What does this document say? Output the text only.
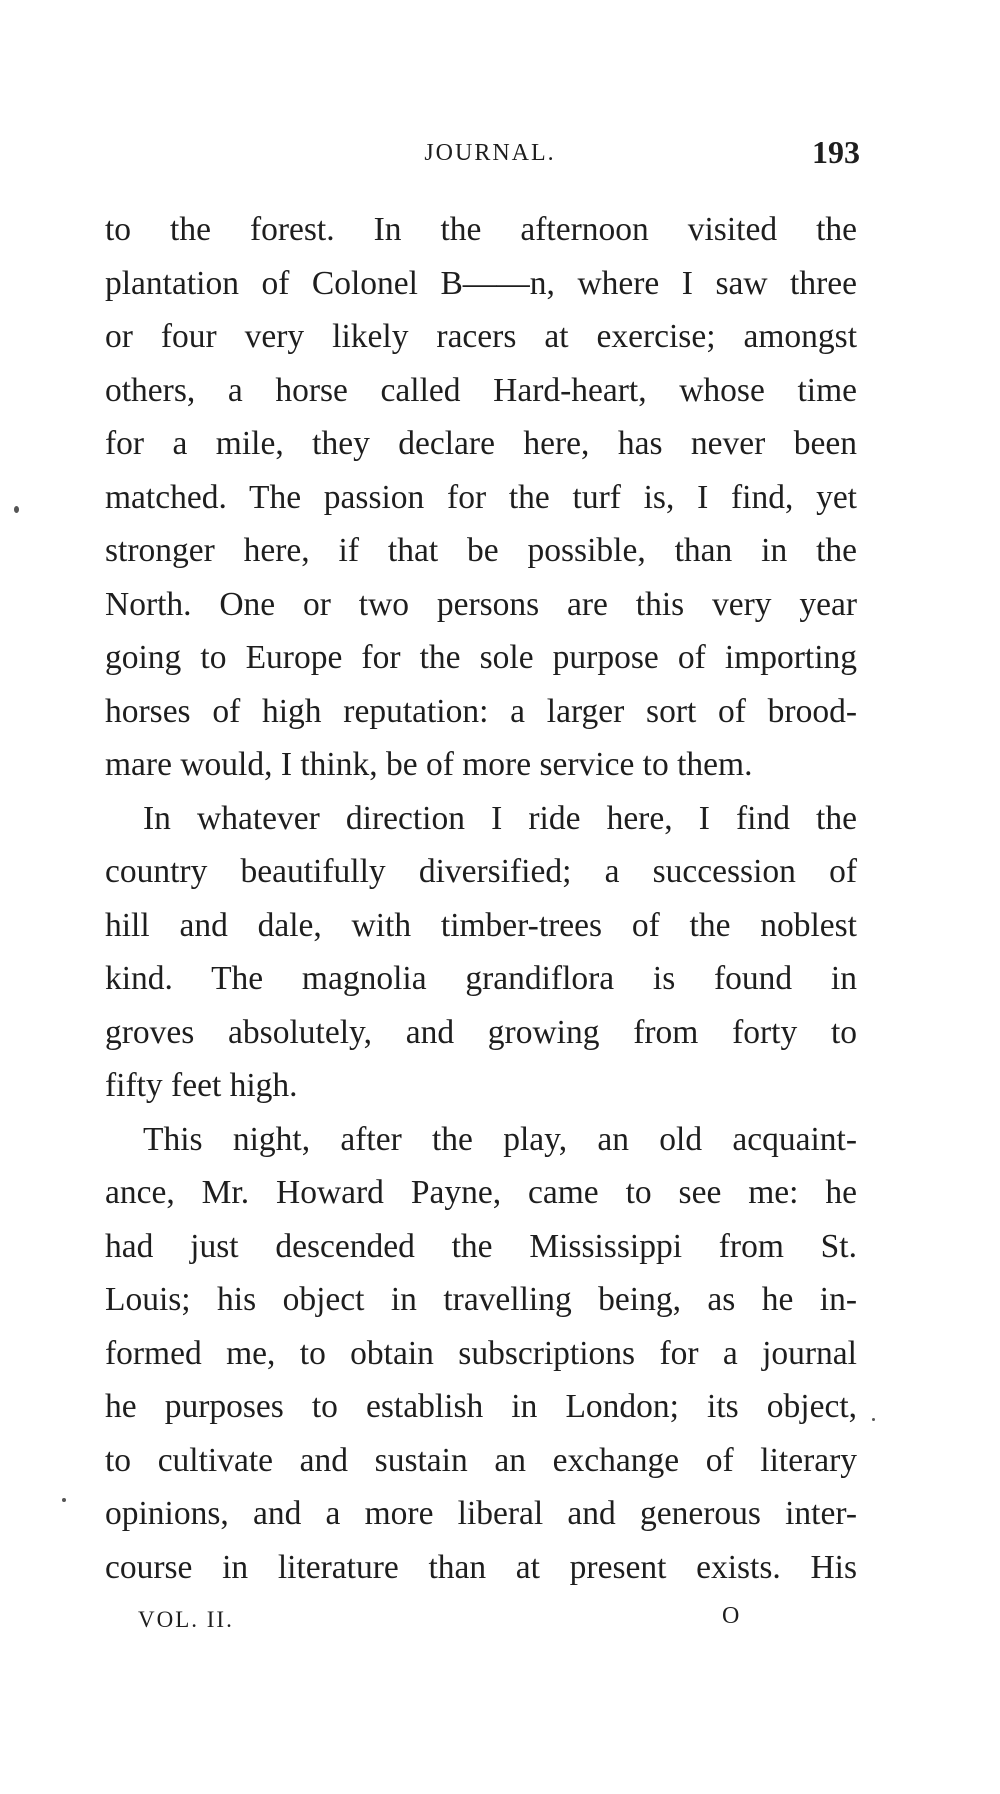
JOURNAL.	193
to the forest. In the afternoon visited the
plantation of Colonel B——n, where I saw three
or four very likely racers at exercise; amongst
others, a horse called Hard-heart, whose time
for a mile, they declare here, has never been
matched. The passion for the turf is, I find, yet
stronger here, if that be possible, than in the
North. One or two persons are this very year
going to Europe for the sole purpose of importing
horses of high reputation: a larger sort of brood-
mare would, I think, be of more service to them.
In whatever direction I ride here, I find the
country beautifully diversified; a succession of
hill and dale, with timber-trees of the noblest
kind. The magnolia grandiflora is found in
groves absolutely, and growing from forty to
fifty feet high.
This night, after the play, an old acquaint-
ance, Mr. Howard Payne, came to see me: he
had just descended the Mississippi from St.
Louis; his object in travelling being, as he in-
formed me, to obtain subscriptions for a journal
he purposes to establish in London; its object,
to cultivate and sustain an exchange of literary
opinions, and a more liberal and generous inter-
course in literature than at present exists. His
VOL. II.	O
